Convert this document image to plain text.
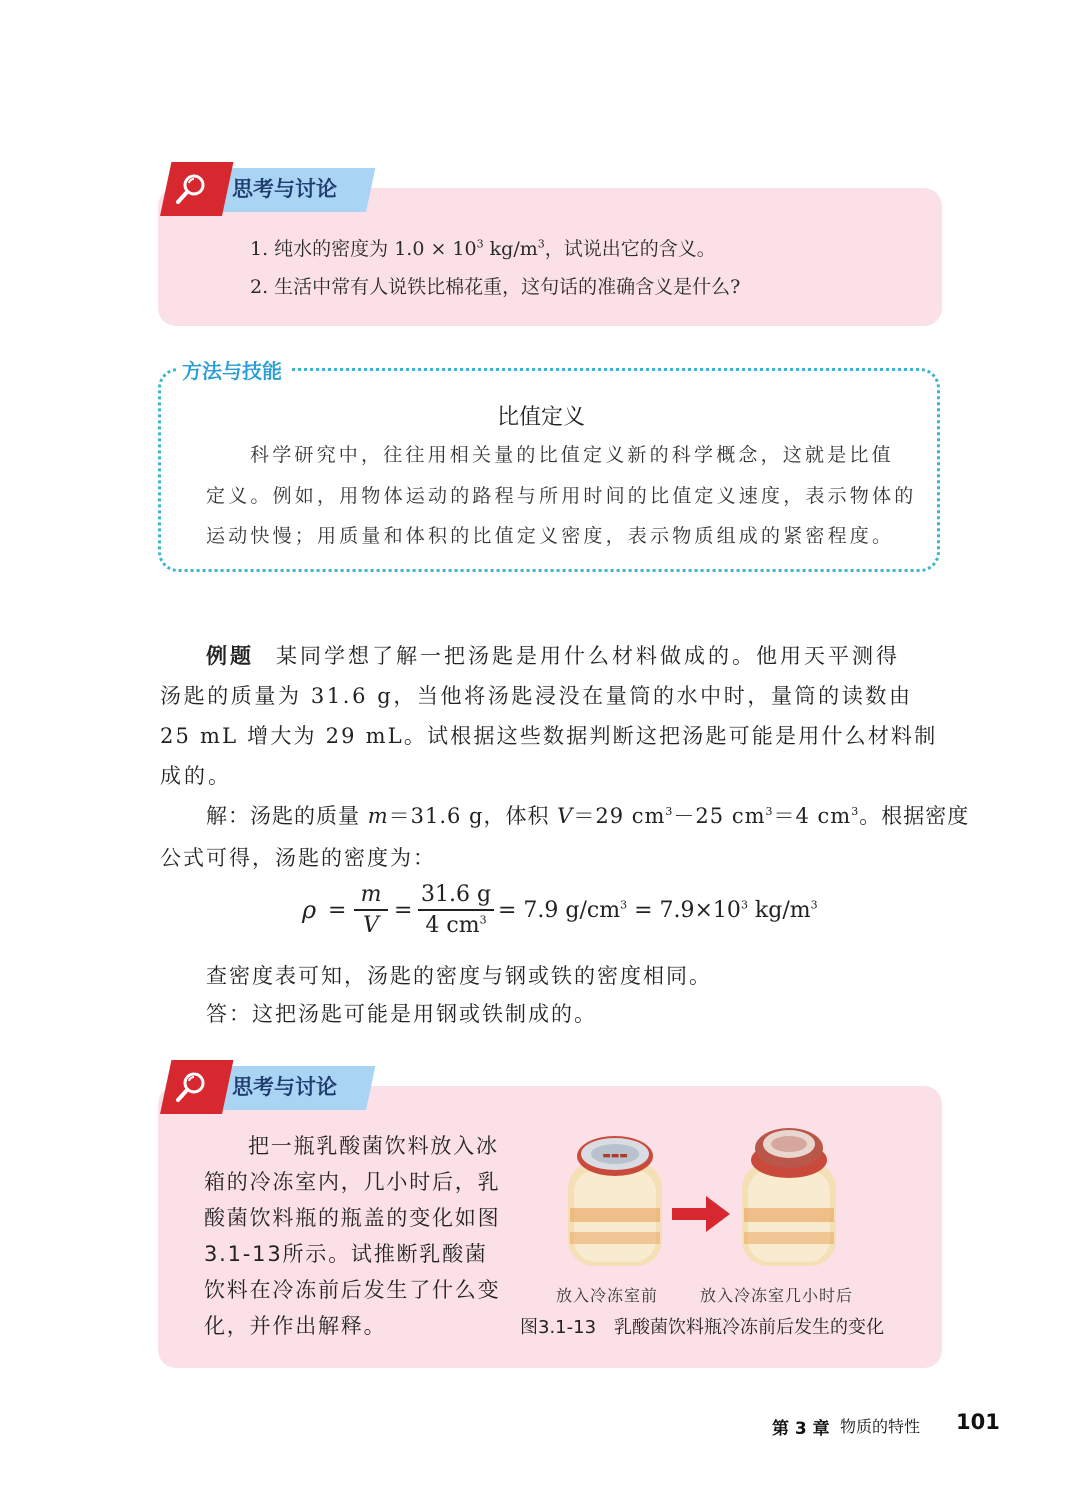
1. 纯水的密度为 $1.0 \times 10^3$ $kg/m^3$，试说出它的含义。
2. 生活中常有人说铁比棉花重，这句话的准确含义是什么?
思考与讨论
方法与技能
比值定义
科学研究中，往往用相关量的比值定义新的科学概念，这就是比值
定义。例如，用物体运动的路程与所用时间的比值定义速度，表示物体的
运动快慢；用质量和体积的比值定义密度，表示物质组成的紧密程度。
例题 某同学想了解一把汤匙是用什么材料做成的。他用天平测得
汤匙的质量为 31.6 g，当他将汤匙浸没在量筒的水中时，量筒的读数由
25 mL 增大为 29 mL。试根据这些数据判断这把汤匙可能是用什么材料制
成的。
解：汤匙的质量 m＝31.6 g，体积 V＝29 $cm^3-25$ $cm^3=4$ $cm^3$。根据密度
公式可得，汤匙的密度为：
ρ =
m
V
=
31.6 g
4 $cm^3 = 7.9$ $g/cm^3 = 7.9\times 10^3$ $kg/m^3$
查密度表可知，汤匙的密度与钢或铁的密度相同。
答：这把汤匙可能是用钢或铁制成的。
思考与讨论
把一瓶乳酸菌饮料放入冰
箱的冷冻室内，几小时后，乳
酸菌饮料瓶的瓶盖的变化如图
3.1-13所示。试推断乳酸菌
饮料在冷冻前后发生了什么变
化，并作出解释。
▬▬▬
放入冷冻室前	放入冷冻室几小时后
图3.1-13　乳酸菌饮料瓶冷冻前后发生的变化
第 3 章 物质的特性 101
